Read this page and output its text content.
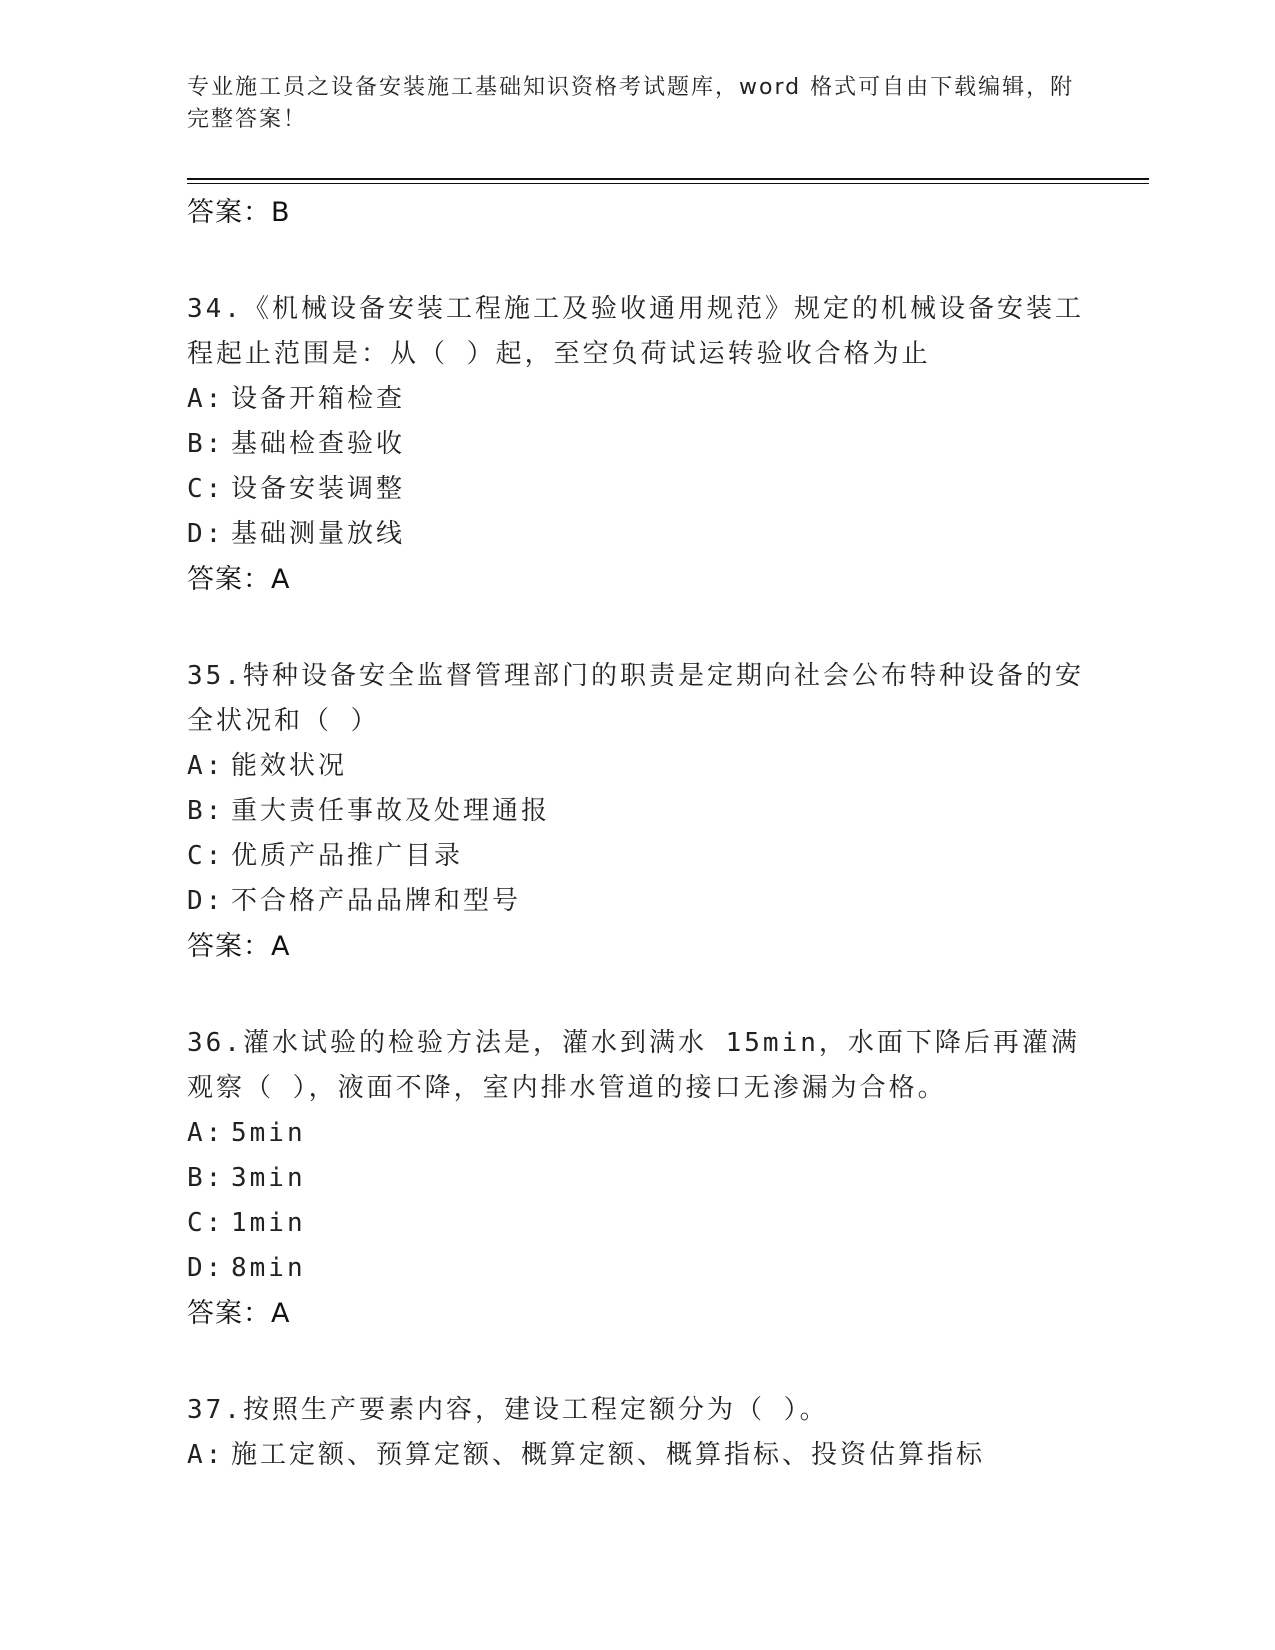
专业施工员之设备安装施工基础知识资格考试题库，word 格式可自由下载编辑，附完整答案！

答案：B

34.《机械设备安装工程施工及验收通用规范》规定的机械设备安装工程起止范围是：从（ ）起，至空负荷试运转验收合格为止

A: 设备开箱检查

B: 基础检查验收

C: 设备安装调整

D: 基础测量放线

答案：A

35.特种设备安全监督管理部门的职责是定期向社会公布特种设备的安全状况和（ ）

A: 能效状况

B: 重大责任事故及处理通报

C: 优质产品推广目录

D: 不合格产品品牌和型号

答案：A

36.灌水试验的检验方法是，灌水到满水 15min，水面下降后再灌满观察（ ），液面不降，室内排水管道的接口无渗漏为合格。

A: 5min

B: 3min

C: 1min

D: 8min

答案：A

37.按照生产要素内容，建设工程定额分为（ ）。

A: 施工定额、预算定额、概算定额、概算指标、投资估算指标
